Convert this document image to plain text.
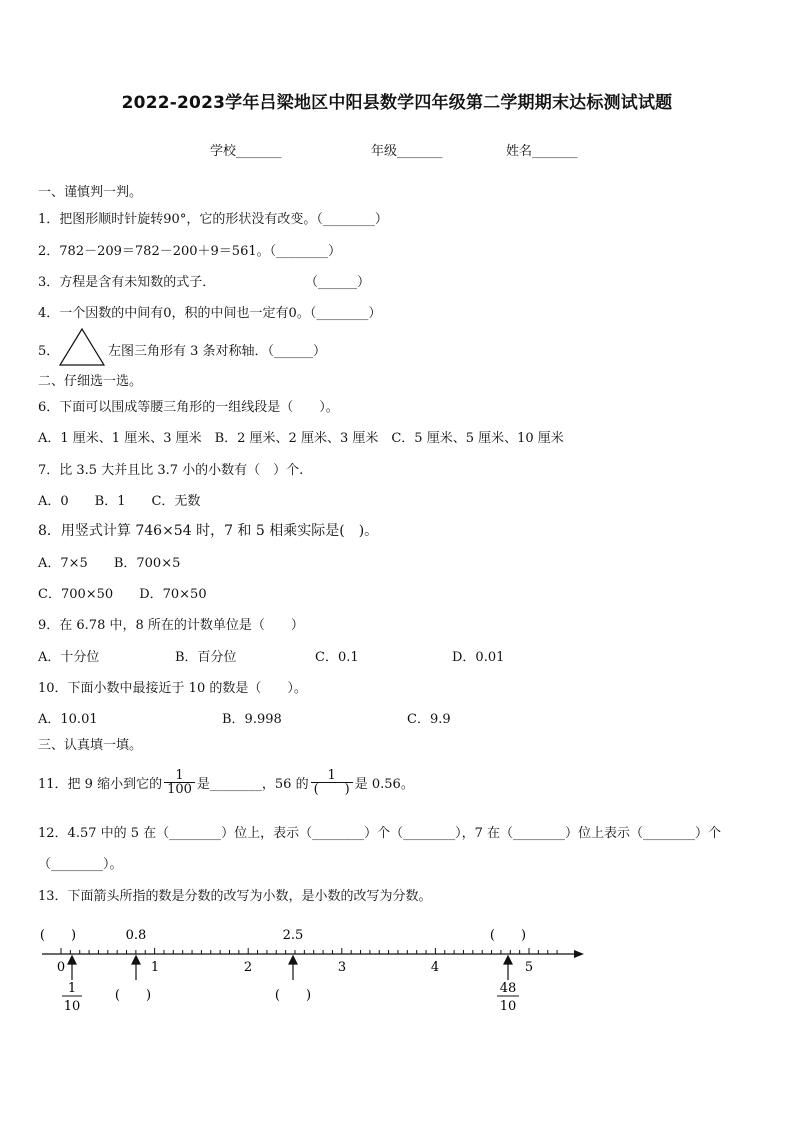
2022-2023学年吕梁地区中阳县数学四年级第二学期期末达标测试试题
学校_______	年级_______	姓名_______
一、谨慎判一判。
1．把图形顺时针旋转90°，它的形状没有改变。（________）
2．782－209＝782－200＋9＝561。（________）
3．方程是含有未知数的式子．	（______）
4．一个因数的中间有0，积的中间也一定有0。（________）
5．	左图三角形有 3 条对称轴．（______）
二、仔细选一选。
6．下面可以围成等腰三角形的一组线段是（　　）。
A．1 厘米、1 厘米、3 厘米　B．2 厘米、2 厘米、3 厘米　C．5 厘米、5 厘米、10 厘米
7．比 3.5 大并且比 3.7 小的小数有（　）个.
A．0　　B．1　　C．无数
8．用竖式计算 746×54 时，7 和 5 相乘实际是(　)。
A．7×5　　B．700×5
C．700×50　　D．70×50
9．在 6.78 中，8 所在的计数单位是（　　）
A．十分位	B．百分位	C．0.1	D．0.01
10．下面小数中最接近于 10 的数是（　　）。
A．10.01	B．9.998	C．9.9
三、认真填一填。
11．把 9 缩小到它的 $\frac{1}{100}$ 是________，56 的 $\frac{1}{( )}$ 是 0.56。
12．4.57 中的 5 在（________）位上，表示（________）个（________），7 在（________）位上表示（________）个
（________）。
13．下面箭头所指的数是分数的改写为小数，是小数的改写为分数。
(　　)	0.8	2.5	(　　)
0	1	2	3	4	5
1
10
(　　)	(　　)	48
10
